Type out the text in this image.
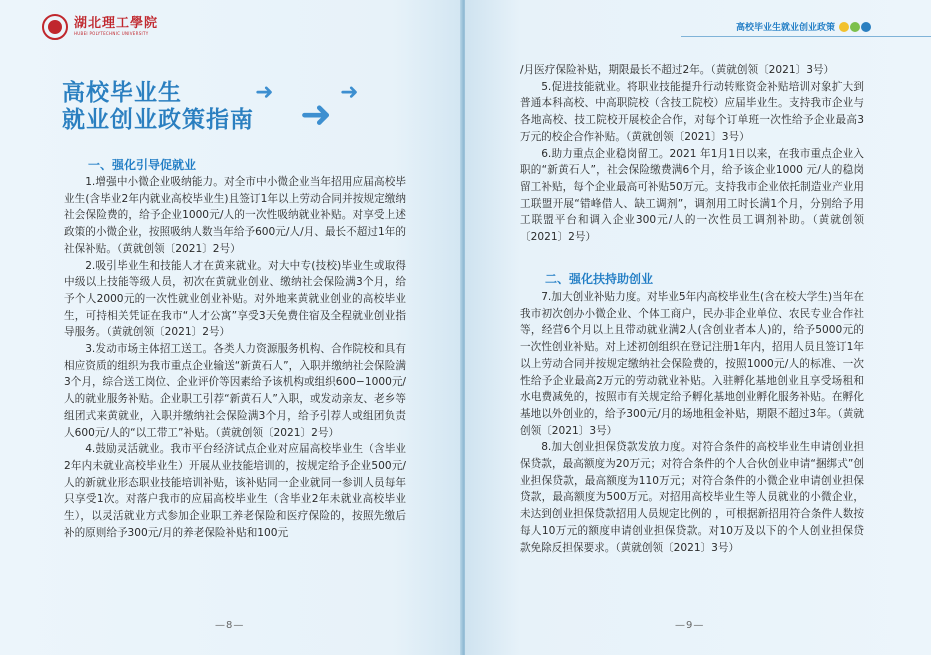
湖北理工學院
HUBEI POLYTECHNIC UNIVERSITY
高校毕业生
就业创业政策指南
➜	➜
➜
一、强化引导促就业

1.增强中小微企业吸纳能力。对全市中小微企业当年招用应届高校毕业生(含毕业2年内就业高校毕业生)且签订1年以上劳动合同并按规定缴纳社会保险费的，给予企业1000元/人的一次性吸纳就业补贴。对享受上述政策的小微企业，按照吸纳人数当年给予600元/人/月、最长不超过1年的社保补贴。（黄就创领〔2021〕2号）

2.吸引毕业生和技能人才在黄来就业。对大中专(技校)毕业生或取得中级以上技能等级人员，初次在黄就业创业、缴纳社会保险满3个月，给予个人2000元的一次性就业创业补贴。对外地来黄就业创业的高校毕业生，可持相关凭证在我市“人才公寓”享受3天免费住宿及全程就业创业指导服务。（黄就创领〔2021〕2号）

3.发动市场主体招工送工。各类人力资源服务机构、合作院校和具有相应资质的组织为我市重点企业输送“新黄石人”，入职并缴纳社会保险满3个月，综合送工岗位、企业评价等因素给予该机构或组织600−1000元/人的就业服务补贴。企业职工引荐“新黄石人”入职，或发动亲友、老乡等组团式来黄就业，入职并缴纳社会保险满3个月，给予引荐人或组团负责人600元/人的“以工带工”补贴。（黄就创领〔2021〕2号）

4.鼓励灵活就业。我市平台经济试点企业对应届高校毕业生（含毕业2年内未就业高校毕业生）开展从业技能培训的，按规定给予企业500元/人的新就业形态职业技能培训补贴，该补贴同一企业就同一参训人员每年只享受1次。对落户我市的应届高校毕业生（含毕业2年未就业高校毕业生），以灵活就业方式参加企业职工养老保险和医疗保险的，按照先缴后补的原则给予300元/月的养老保险补贴和100元

—8—
高校毕业生就业创业政策

/月医疗保险补贴，期限最长不超过2年。（黄就创领〔2021〕3号）

5.促进技能就业。将职业技能提升行动转账资金补贴培训对象扩大到普通本科高校、中高职院校（含技工院校）应届毕业生。支持我市企业与各地高校、技工院校开展校企合作，对每个订单班一次性给予企业最高3万元的校企合作补贴。（黄就创领〔2021〕3号）

6.助力重点企业稳岗留工。2021 年1月1日以来，在我市重点企业入职的“新黄石人”，社会保险缴费满6个月，给予该企业1000 元/人的稳岗留工补贴，每个企业最高可补贴50万元。支持我市企业依托制造业产业用工联盟开展“错峰借人、缺工调剂”，调剂用工时长满1个月，分别给予用工联盟平台和调入企业300元/人的一次性员工调剂补助。（黄就创领〔2021〕2号）

二、强化扶持助创业

7.加大创业补贴力度。对毕业5年内高校毕业生(含在校大学生)当年在我市初次创办小微企业、个体工商户，民办非企业单位、农民专业合作社等，经营6个月以上且带动就业满2人(含创业者本人)的，给予5000元的一次性创业补贴。对上述初创组织在登记注册1年内，招用人员且签订1年以上劳动合同并按规定缴纳社会保险费的，按照1000元/人的标准、一次性给予企业最高2万元的劳动就业补贴。入驻孵化基地创业且享受场租和水电费减免的，按照市有关规定给予孵化基地创业孵化服务补贴。在孵化基地以外创业的，给予300元/月的场地租金补贴，期限不超过3年。（黄就创领〔2021〕3号）

8.加大创业担保贷款发放力度。对符合条件的高校毕业生申请创业担保贷款，最高额度为20万元；对符合条件的个人合伙创业申请“捆绑式”创业担保贷款，最高额度为110万元；对符合条件的小微企业申请创业担保贷款，最高额度为500万元。对招用高校毕业生等人员就业的小微企业，未达到创业担保贷款招用人员规定比例的 ，可根据新招用符合条件人数按每人10万元的额度申请创业担保贷款。对10万及以下的个人创业担保贷款免除反担保要求。（黄就创领〔2021〕3号）

—9—
